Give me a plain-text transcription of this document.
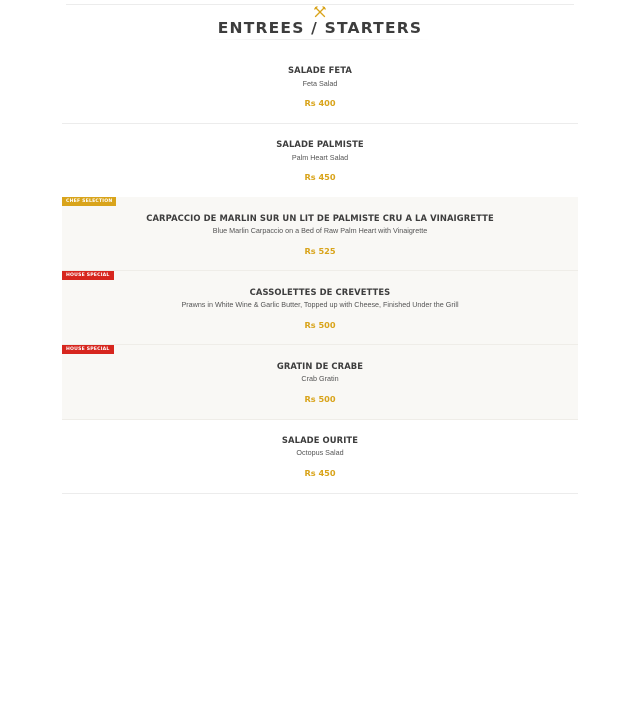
ENTREES / STARTERS
SALADE FETA
Feta Salad
Rs 400
SALADE PALMISTE
Palm Heart Salad
Rs 450
CHEF SELECTION
CARPACCIO DE MARLIN SUR UN LIT DE PALMISTE CRU A LA VINAIGRETTE
Blue Marlin Carpaccio on a Bed of Raw Palm Heart with Vinaigrette
Rs 525
HOUSE SPECIAL
CASSOLETTES DE CREVETTES
Prawns in White Wine & Garlic Butter, Topped up with Cheese, Finished Under the Grill
Rs 500
HOUSE SPECIAL
GRATIN DE CRABE
Crab Gratin
Rs 500
SALADE OURITE
Octopus Salad
Rs 450
